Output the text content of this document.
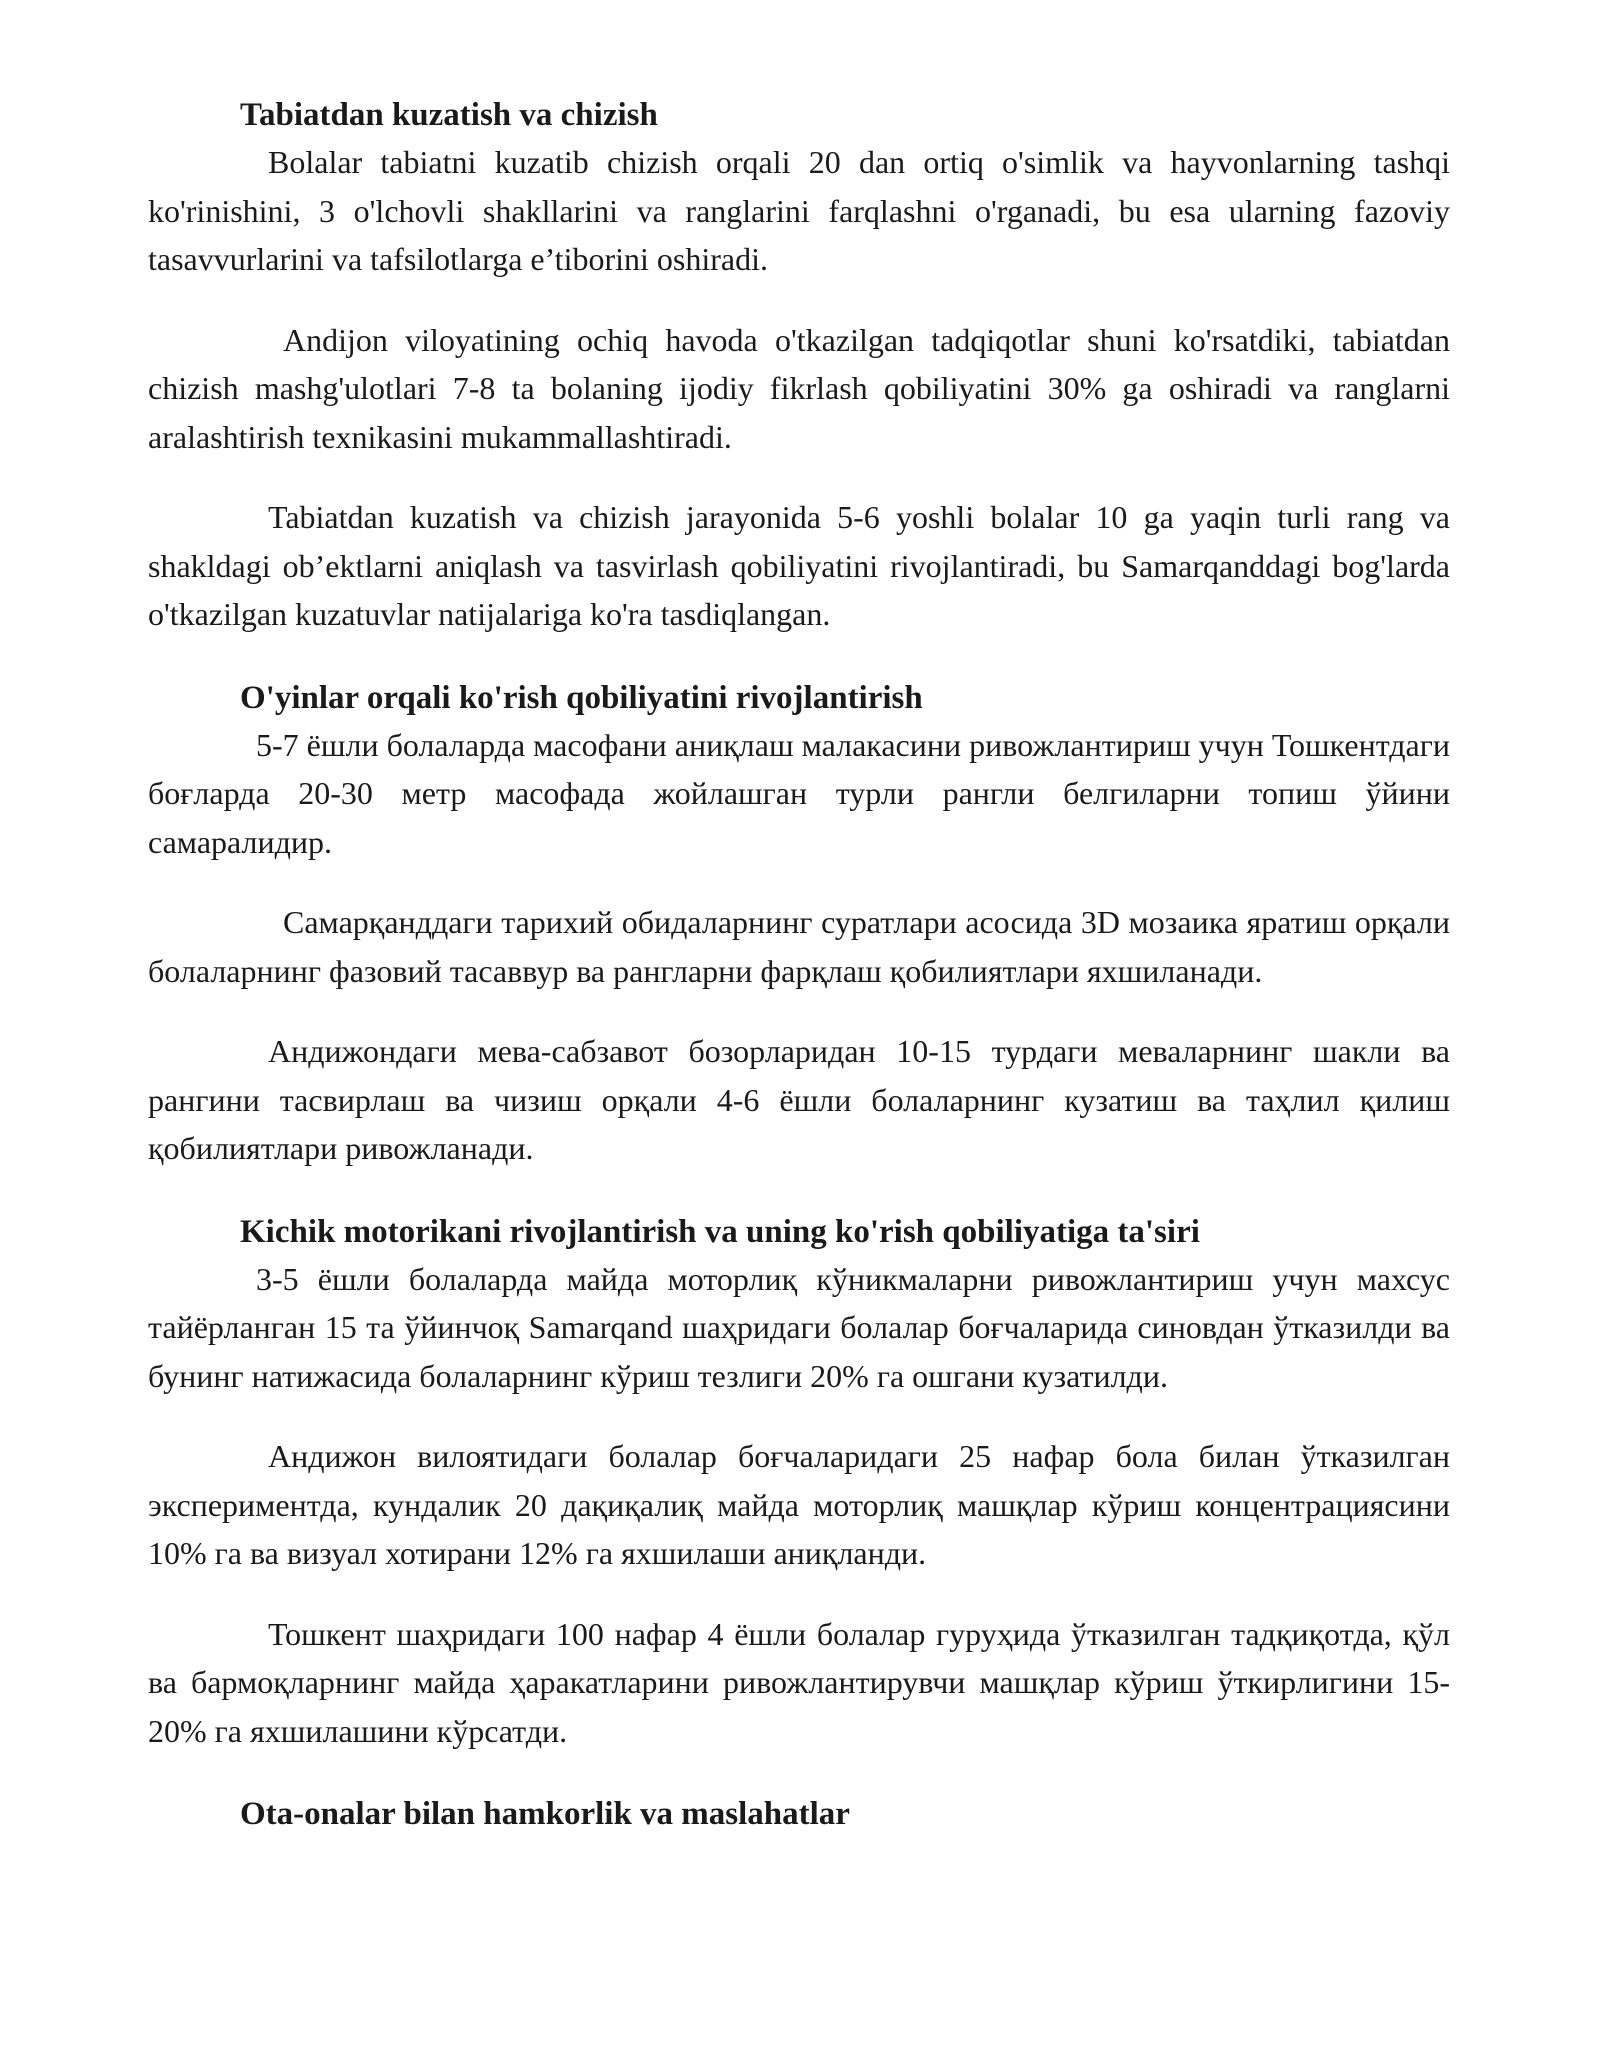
Tabiatdan kuzatish va chizish

Bolalar tabiatni kuzatib chizish orqali 20 dan ortiq o'simlik va hayvonlarning tashqi ko'rinishini, 3 o'lchovli shakllarini va ranglarini farqlashni o'rganadi, bu esa ularning fazoviy tasavvurlarini va tafsilotlarga e’tiborini oshiradi.

Andijon viloyatining ochiq havoda o'tkazilgan tadqiqotlar shuni ko'rsatdiki, tabiatdan chizish mashg'ulotlari 7-8 ta bolaning ijodiy fikrlash qobiliyatini 30% ga oshiradi va ranglarni aralashtirish texnikasini mukammallashtiradi.

Tabiatdan kuzatish va chizish jarayonida 5-6 yoshli bolalar 10 ga yaqin turli rang va shakldagi ob’ektlarni aniqlash va tasvirlash qobiliyatini rivojlantiradi, bu Samarqanddagi bog'larda o'tkazilgan kuzatuvlar natijalariga ko'ra tasdiqlangan.

O'yinlar orqali ko'rish qobiliyatini rivojlantirish

5-7 ёшли болаларда масофани аниқлаш малакасини ривожлантириш учун Тошкентдаги боғларда 20-30 метр масофада жойлашган турли рангли белгиларни топиш ўйини самаралидир.

Самарқанддаги тарихий обидаларнинг суратлари асосида 3D мозаика яратиш орқали болаларнинг фазовий тасаввур ва рангларни фарқлаш қобилиятлари яхшиланади.

Андижондаги мева-сабзавот бозорларидан 10-15 турдаги меваларнинг шакли ва рангини тасвирлаш ва чизиш орқали 4-6 ёшли болаларнинг кузатиш ва таҳлил қилиш қобилиятлари ривожланади.

Kichik motorikani rivojlantirish va uning ko'rish qobiliyatiga ta'siri

3-5 ёшли болаларда майда моторлиқ кўникмаларни ривожлантириш учун махсус тайёрланган 15 та ўйинчоқ Samarqand шаҳридаги болалар боғчаларида синовдан ўтказилди ва бунинг натижасида болаларнинг кўриш тезлиги 20% га ошгани кузатилди.

Андижон вилоятидаги болалар боғчаларидаги 25 нафар бола билан ўтказилган экспериментда, кундалик 20 дақиқалиқ майда моторлиқ машқлар кўриш концентрациясини 10% га ва визуал хотирани 12% га яхшилаши аниқланди.

Тошкент шаҳридаги 100 нафар 4 ёшли болалар гуруҳида ўтказилган тадқиқотда, қўл ва бармоқларнинг майда ҳаракатларини ривожлантирувчи машқлар кўриш ўткирлигини 15-20% га яхшилашини кўрсатди.

Ota-onalar bilan hamkorlik va maslahatlar
